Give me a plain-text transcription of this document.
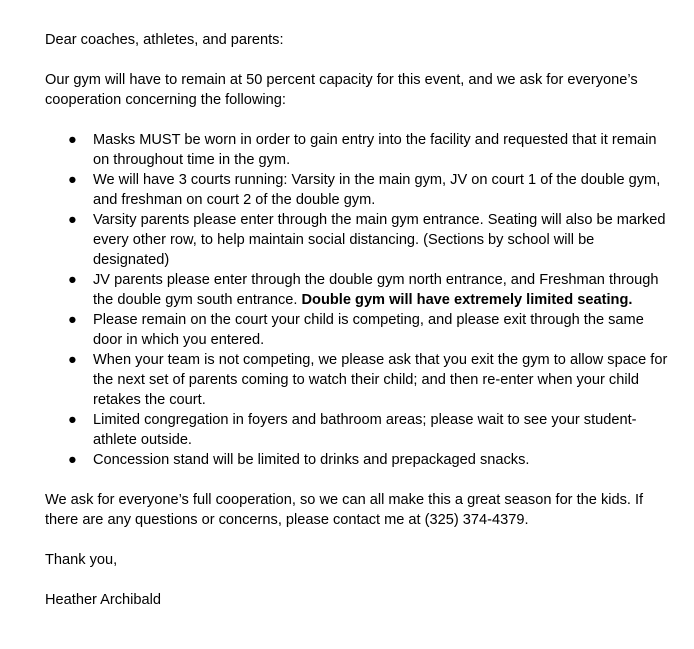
Dear coaches, athletes, and parents:

Our gym will have to remain at 50 percent capacity for this event, and we ask for everyone’s cooperation concerning the following:

● Masks MUST be worn in order to gain entry into the facility and requested that it remain on throughout time in the gym.
● We will have 3 courts running: Varsity in the main gym, JV on court 1 of the double gym, and freshman on court 2 of the double gym.
● Varsity parents please enter through the main gym entrance. Seating will also be marked every other row, to help maintain social distancing. (Sections by school will be designated)
● JV parents please enter through the double gym north entrance, and Freshman through the double gym south entrance. Double gym will have extremely limited seating.
● Please remain on the court your child is competing, and please exit through the same door in which you entered.
● When your team is not competing, we please ask that you exit the gym to allow space for the next set of parents coming to watch their child; and then re-enter when your child retakes the court.
● Limited congregation in foyers and bathroom areas; please wait to see your student-athlete outside.
● Concession stand will be limited to drinks and prepackaged snacks.

We ask for everyone’s full cooperation, so we can all make this a great season for the kids. If there are any questions or concerns, please contact me at (325) 374-4379.

Thank you,

Heather Archibald
